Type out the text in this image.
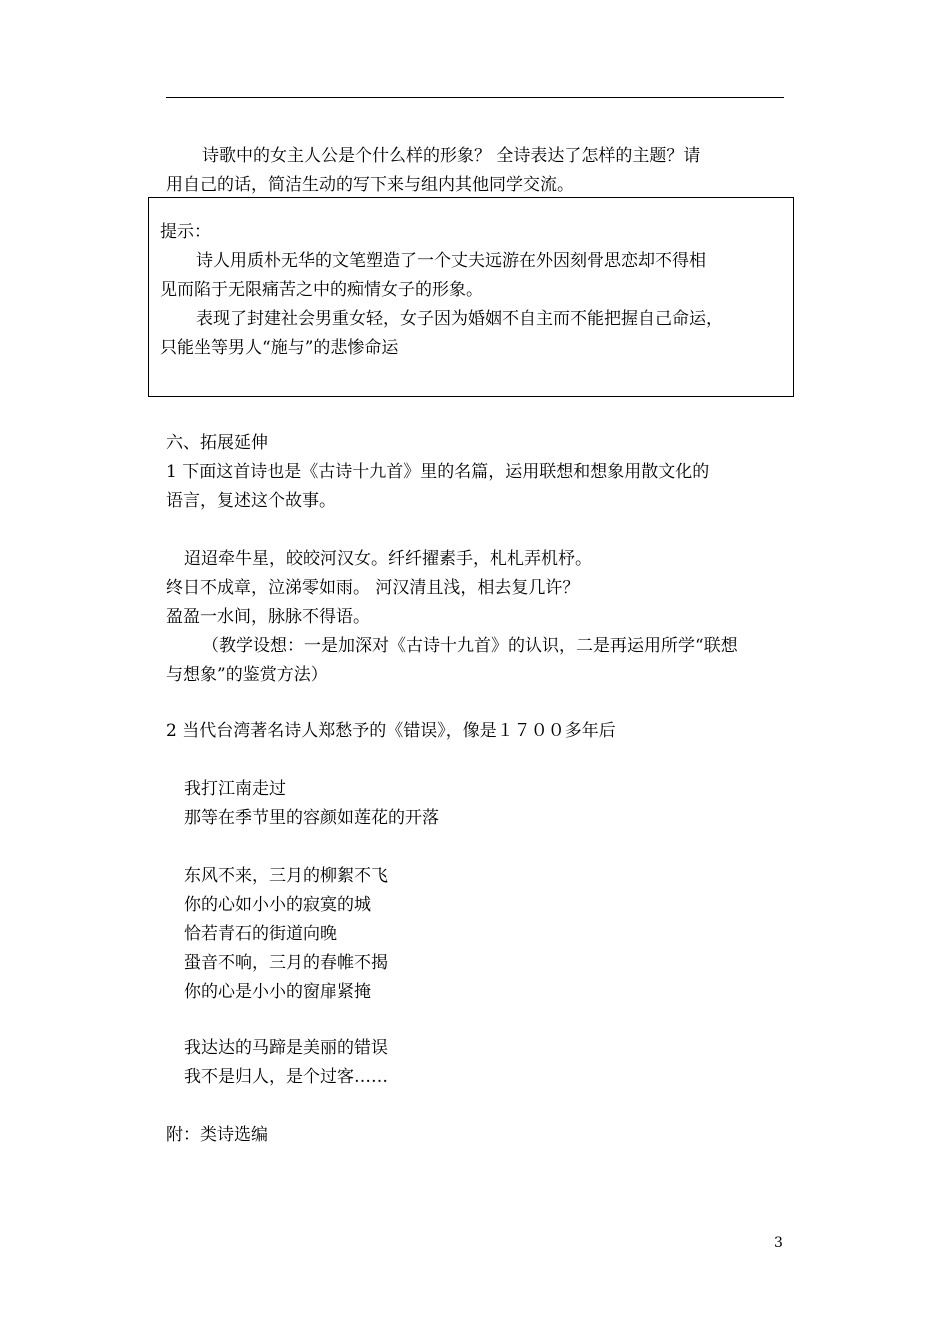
诗歌中的女主人公是个什么样的形象？ 全诗表达了怎样的主题？请
用自己的话，简洁生动的写下来与组内其他同学交流。
提示：
诗人用质朴无华的文笔塑造了一个丈夫远游在外因刻骨思恋却不得相
见而陷于无限痛苦之中的痴情女子的形象。
表现了封建社会男重女轻，女子因为婚姻不自主而不能把握自己命运，
只能坐等男人“施与”的悲惨命运
六、拓展延伸
1 下面这首诗也是《古诗十九首》里的名篇，运用联想和想象用散文化的
语言，复述这个故事。
迢迢牵牛星，皎皎河汉女。纤纤擢素手，札札弄机杼。
终日不成章，泣涕零如雨。 河汉清且浅，相去复几许？
盈盈一水间，脉脉不得语。
（教学设想：一是加深对《古诗十九首》的认识，二是再运用所学“联想
与想象”的鉴赏方法）
2 当代台湾著名诗人郑愁予的《错误》，像是１７００多年后
我打江南走过
那等在季节里的容颜如莲花的开落
东风不来，三月的柳絮不飞
你的心如小小的寂寞的城
恰若青石的街道向晚
蛩音不响，三月的春帷不揭
你的心是小小的窗扉紧掩
我达达的马蹄是美丽的错误
我不是归人，是个过客……
附：类诗选编
3
